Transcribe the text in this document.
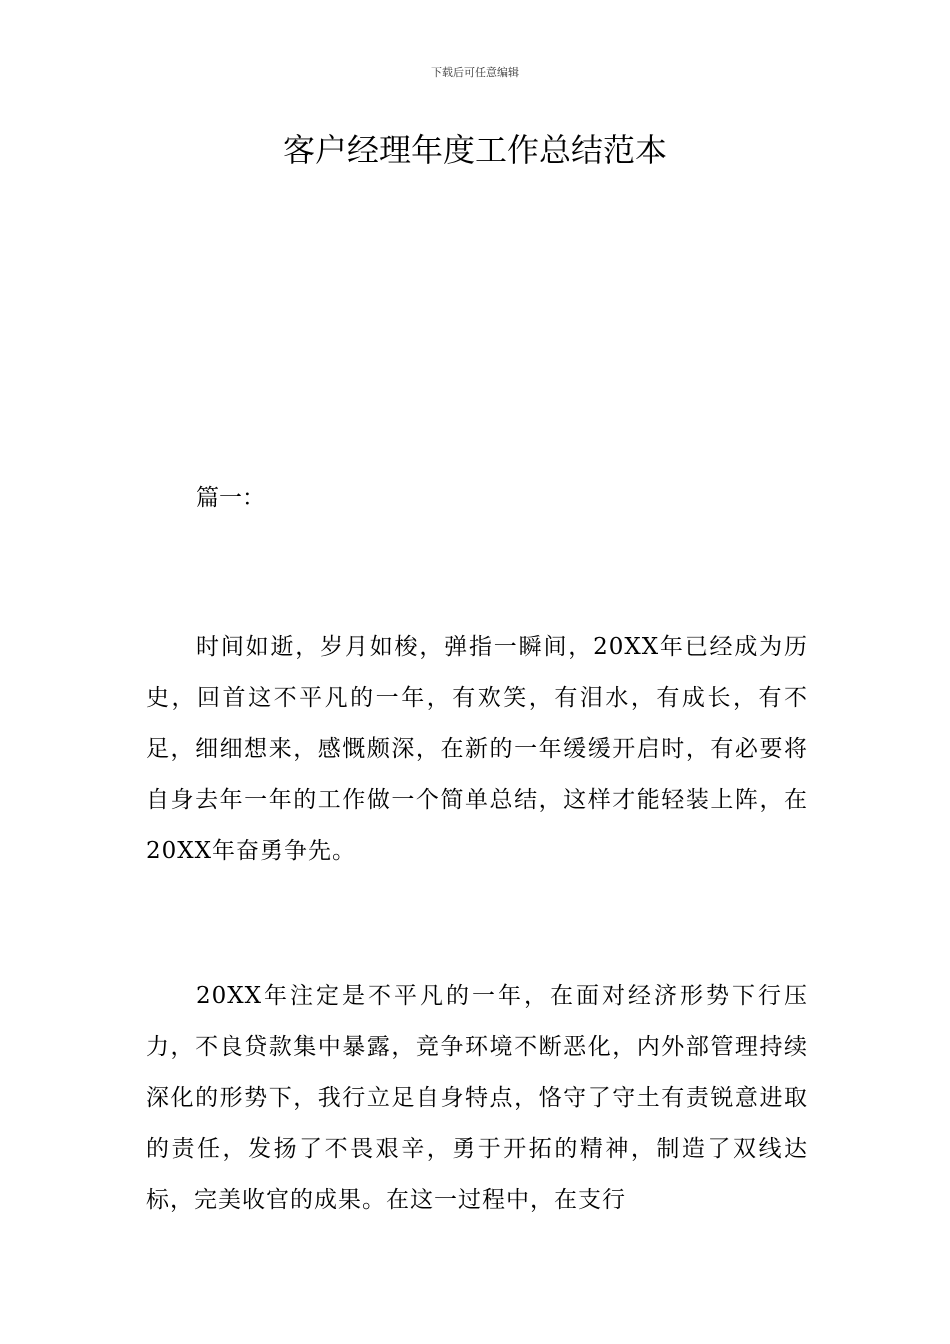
下载后可任意编辑
客户经理年度工作总结范本

篇一：

时间如逝，岁月如梭，弹指一瞬间，20XX年已经成为历史，回首这不平凡的一年，有欢笑，有泪水，有成长，有不足，细细想来，感慨颇深，在新的一年缓缓开启时，有必要将自身去年一年的工作做一个简单总结，这样才能轻装上阵，在20XX年奋勇争先。

20XX年注定是不平凡的一年，在面对经济形势下行压力，不良贷款集中暴露，竞争环境不断恶化，内外部管理持续深化的形势下，我行立足自身特点，恪守了守土有责锐意进取的责任，发扬了不畏艰辛，勇于开拓的精神，制造了双线达标，完美收官的成果。在这一过程中，在支行
